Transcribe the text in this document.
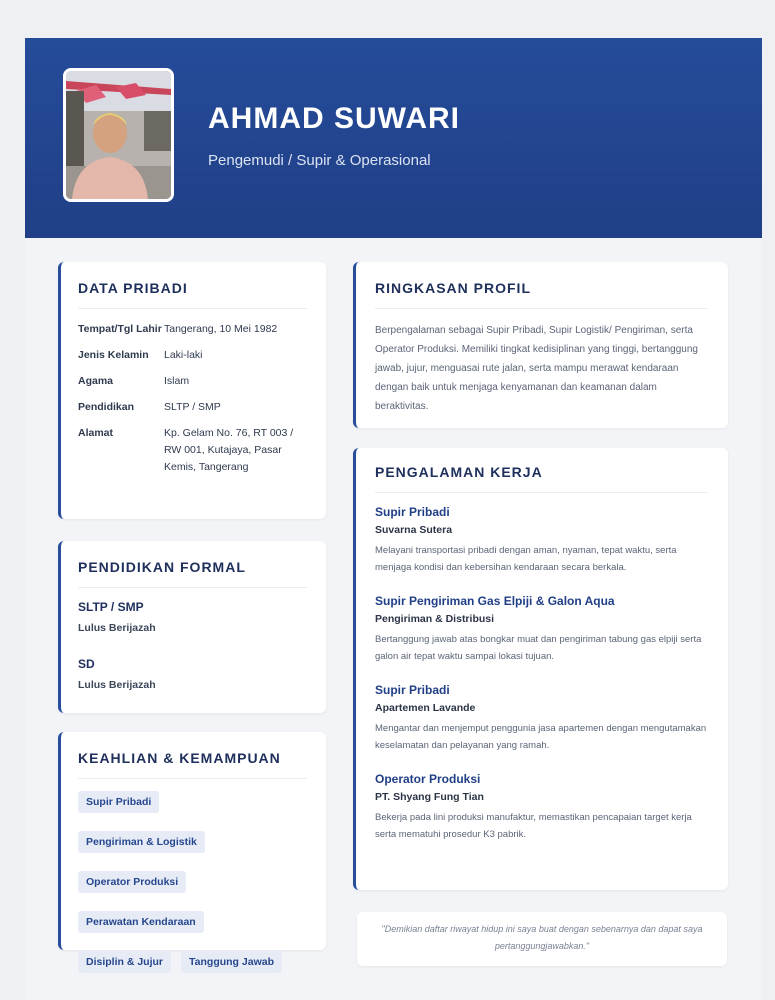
AHMAD SUWARI
Pengemudi / Supir & Operasional
DATA PRIBADI
Tempat/Tgl Lahir	Tangerang, 10 Mei 1982
Jenis Kelamin	Laki-laki
Agama	Islam
Pendidikan	SLTP / SMP
Alamat	Kp. Gelam No. 76, RT 003 / RW 001, Kutajaya, Pasar Kemis, Tangerang
PENDIDIKAN FORMAL
SLTP / SMP
Lulus Berijazah
SD
Lulus Berijazah
KEAHLIAN & KEMAMPUAN
Supir Pribadi
Pengiriman & Logistik
Operator Produksi
Perawatan Kendaraan
Disiplin & Jujur	Tanggung Jawab
RINGKASAN PROFIL

Berpengalaman sebagai Supir Pribadi, Supir Logistik/ Pengiriman, serta Operator Produksi. Memiliki tingkat kedisiplinan yang tinggi, bertanggung jawab, jujur, menguasai rute jalan, serta mampu merawat kendaraan dengan baik untuk menjaga kenyamanan dan keamanan dalam beraktivitas.

PENGALAMAN KERJA
Supir Pribadi
Suvarna Sutera
Melayani transportasi pribadi dengan aman, nyaman, tepat waktu, serta menjaga kondisi dan kebersihan kendaraan secara berkala.
Supir Pengiriman Gas Elpiji & Galon Aqua
Pengiriman & Distribusi
Bertanggung jawab atas bongkar muat dan pengiriman tabung gas elpiji serta galon air tepat waktu sampai lokasi tujuan.
Supir Pribadi
Apartemen Lavande
Mengantar dan menjemput penggunia jasa apartemen dengan mengutamakan keselamatan dan pelayanan yang ramah.
Operator Produksi
PT. Shyang Fung Tian
Bekerja pada lini produksi manufaktur, memastikan pencapaian target kerja serta mematuhi prosedur K3 pabrik.

"Demikian daftar riwayat hidup ini saya buat dengan sebenarnya dan dapat saya pertanggungjawabkan."
